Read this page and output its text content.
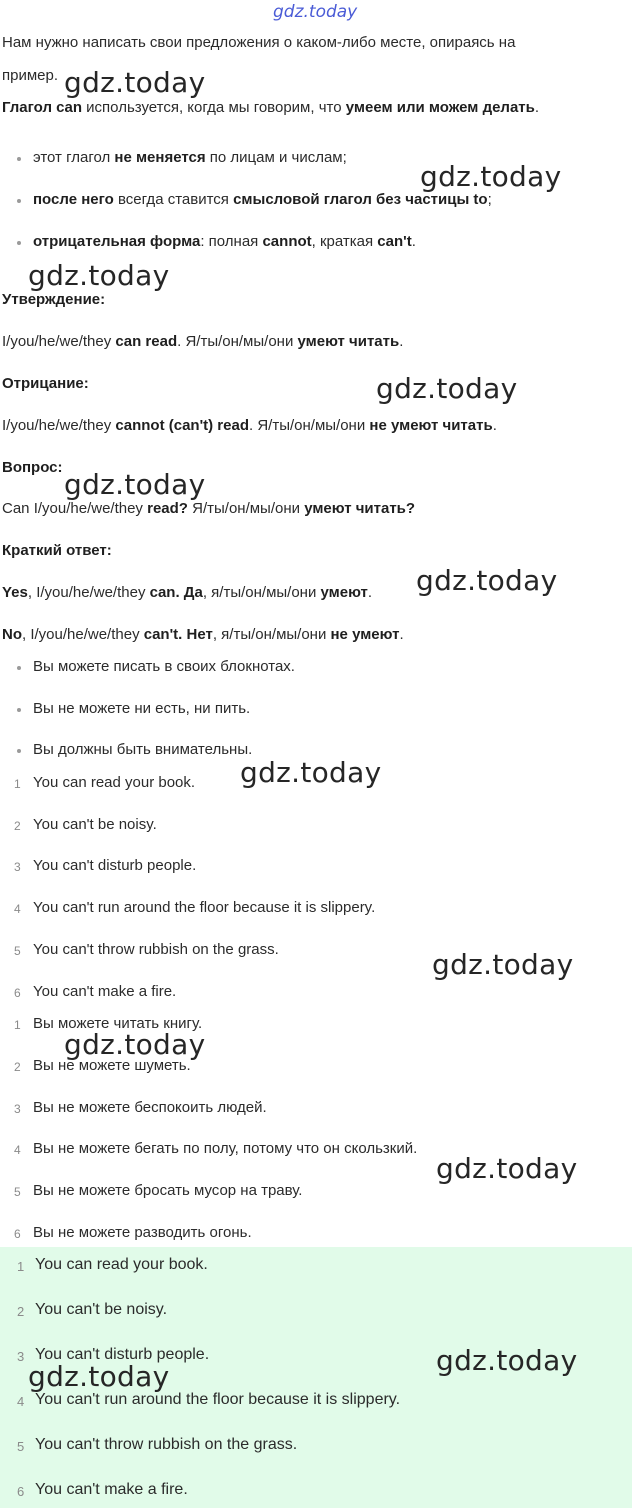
gdz.today
Нам нужно написать свои предложения о каком-либо месте, опираясь на
пример.
Глагол can используется, когда мы говорим, что умеем или можем делать.
этот глагол не меняется по лицам и числам;
после него всегда ставится смысловой глагол без частицы to;
отрицательная форма: полная cannot, краткая can't.
Утверждение:
I/you/he/we/they can read. Я/ты/он/мы/они умеют читать.
Отрицание:
I/you/he/we/they cannot (can't) read. Я/ты/он/мы/они не умеют читать.
Вопрос:
Can I/you/he/we/they read? Я/ты/он/мы/они умеют читать?
Краткий ответ:
Yes, I/you/he/we/they can. Да, я/ты/он/мы/они умеют.
No, I/you/he/we/they can't. Нет, я/ты/он/мы/они не умеют.
Вы можете писать в своих блокнотах.
Вы не можете ни есть, ни пить.
Вы должны быть внимательны.
1 You can read your book.
2 You can't be noisy.
3 You can't disturb people.
4 You can't run around the floor because it is slippery.
5 You can't throw rubbish on the grass.
6 You can't make a fire.
1 Вы можете читать книгу.
2 Вы не можете шуметь.
3 Вы не можете беспокоить людей.
4 Вы не можете бегать по полу, потому что он скользкий.
5 Вы не можете бросать мусор на траву.
6 Вы не можете разводить огонь.
1 You can read your book.
2 You can't be noisy.
3 You can't disturb people.
4 You can't run around the floor because it is slippery.
5 You can't throw rubbish on the grass.
6 You can't make a fire.
gdz.today
gdz.today
gdz.today
gdz.today
gdz.today
gdz.today
gdz.today
gdz.today
gdz.today
gdz.today
gdz.today
gdz.today
